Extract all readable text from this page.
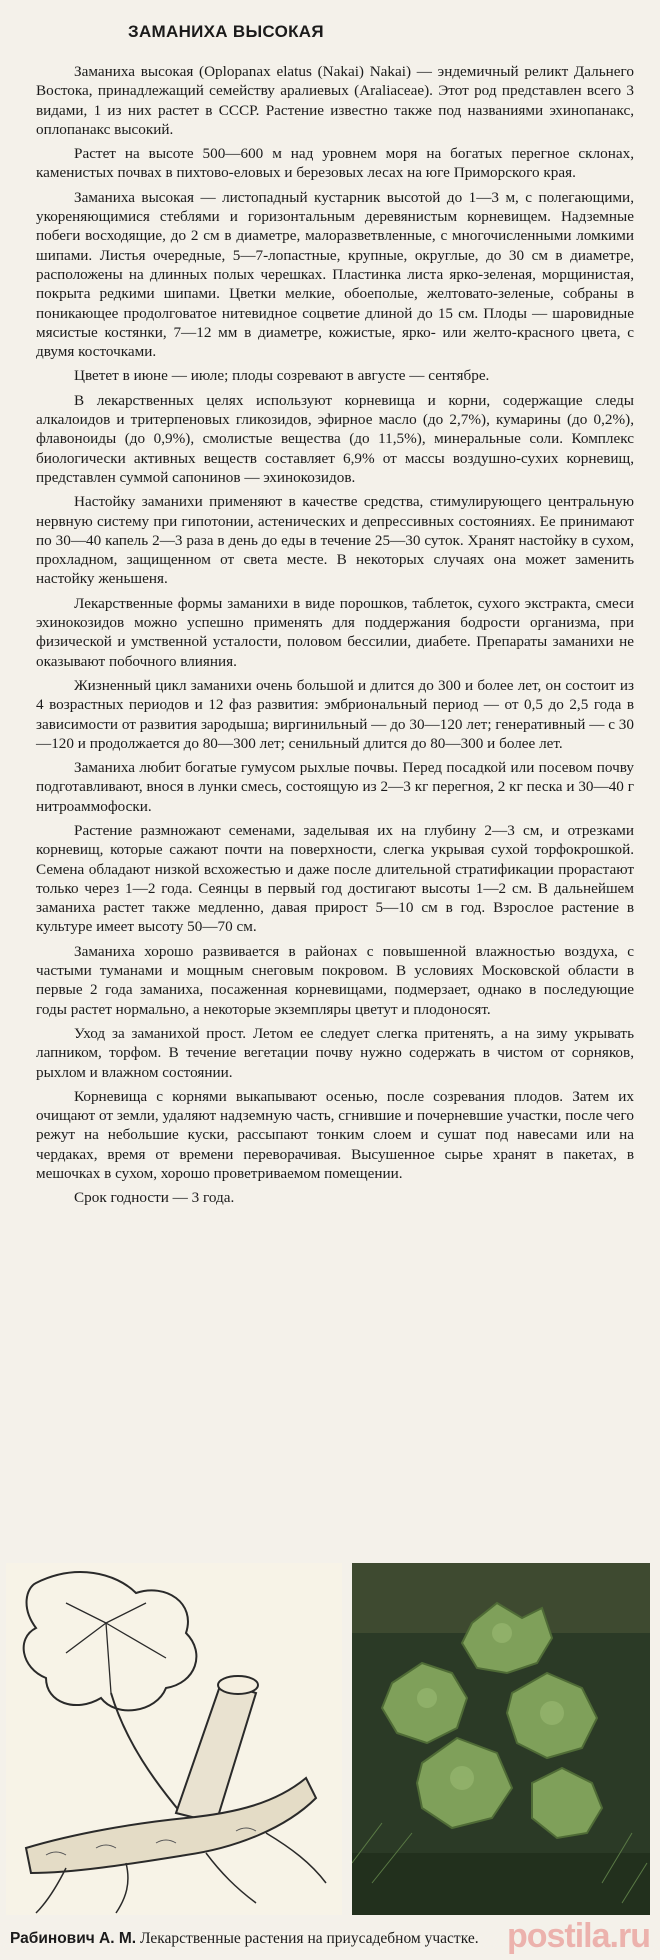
ЗАМАНИХА ВЫСОКАЯ

Заманиха высокая (Oplopanax elatus (Nakai) Nakai) — эндемичный реликт Дальнего Востока, принадлежащий семейству аралиевых (Araliaceae). Этот род представлен всего 3 видами, 1 из них растет в СССР. Растение известно также под названиями эхинопанакс, оплопанакс высокий.

Растет на высоте 500—600 м над уровнем моря на богатых перегное склонах, каменистых почвах в пихтово-еловых и березовых лесах на юге Приморского края.

Заманиха высокая — листопадный кустарник высотой до 1—3 м, с полегающими, укореняющимися стеблями и горизонтальным деревянистым корневищем. Надземные побеги восходящие, до 2 см в диаметре, малоразветвленные, с многочисленными ломкими шипами. Листья очередные, 5—7-лопастные, крупные, округлые, до 30 см в диаметре, расположены на длинных полых черешках. Пластинка листа ярко-зеленая, морщинистая, покрыта редкими шипами. Цветки мелкие, обоеполые, желтовато-зеленые, собраны в поникающее продолговатое нитевидное соцветие длиной до 15 см. Плоды — шаровидные мясистые костянки, 7—12 мм в диаметре, кожистые, ярко- или желто-красного цвета, с двумя косточками.

Цветет в июне — июле; плоды созревают в августе — сентябре.

В лекарственных целях используют корневища и корни, содержащие следы алкалоидов и тритерпеновых гликозидов, эфирное масло (до 2,7%), кумарины (до 0,2%), флавоноиды (до 0,9%), смолистые вещества (до 11,5%), минеральные соли. Комплекс биологически активных веществ составляет 6,9% от массы воздушно-сухих корневищ, представлен суммой сапонинов — эхинокозидов.

Настойку заманихи применяют в качестве средства, стимулирующего центральную нервную систему при гипотонии, астенических и депрессивных состояниях. Ее принимают по 30—40 капель 2—3 раза в день до еды в течение 25—30 суток. Хранят настойку в сухом, прохладном, защищенном от света месте. В некоторых случаях она может заменить настойку женьшеня.

Лекарственные формы заманихи в виде порошков, таблеток, сухого экстракта, смеси эхинокозидов можно успешно применять для поддержания бодрости организма, при физической и умственной усталости, половом бессилии, диабете. Препараты заманихи не оказывают побочного влияния.

Жизненный цикл заманихи очень большой и длится до 300 и более лет, он состоит из 4 возрастных периодов и 12 фаз развития: эмбриональный период — от 0,5 до 2,5 года в зависимости от развития зародыша; виргинильный — до 30—120 лет; генеративный — с 30—120 и продолжается до 80—300 лет; сенильный длится до 80—300 и более лет.

Заманиха любит богатые гумусом рыхлые почвы. Перед посадкой или посевом почву подготавливают, внося в лунки смесь, состоящую из 2—3 кг перегноя, 2 кг песка и 30—40 г нитроаммофоски.

Растение размножают семенами, заделывая их на глубину 2—3 см, и отрезками корневищ, которые сажают почти на поверхности, слегка укрывая сухой торфокрошкой. Семена обладают низкой всхожестью и даже после длительной стратификации прорастают только через 1—2 года. Сеянцы в первый год достигают высоты 1—2 см. В дальнейшем заманиха растет также медленно, давая прирост 5—10 см в год. Взрослое растение в культуре имеет высоту 50—70 см.

Заманиха хорошо развивается в районах с повышенной влажностью воздуха, с частыми туманами и мощным снеговым покровом. В условиях Московской области в первые 2 года заманиха, посаженная корневищами, подмерзает, однако в последующие годы растет нормально, а некоторые экземпляры цветут и плодоносят.

Уход за заманихой прост. Летом ее следует слегка притенять, а на зиму укрывать лапником, торфом. В течение вегетации почву нужно содержать в чистом от сорняков, рыхлом и влажном состоянии.

Корневища с корнями выкапывают осенью, после созревания плодов. Затем их очищают от земли, удаляют надземную часть, сгнившие и почерневшие участки, после чего режут на небольшие куски, рассыпают тонким слоем и сушат под навесами или на чердаках, время от времени переворачивая. Высушенное сырье хранят в пакетах, в мешочках в сухом, хорошо проветриваемом помещении.

Срок годности — 3 года.

Рабинович А. М. Лекарственные растения на приусадебном участке. postila.ru
